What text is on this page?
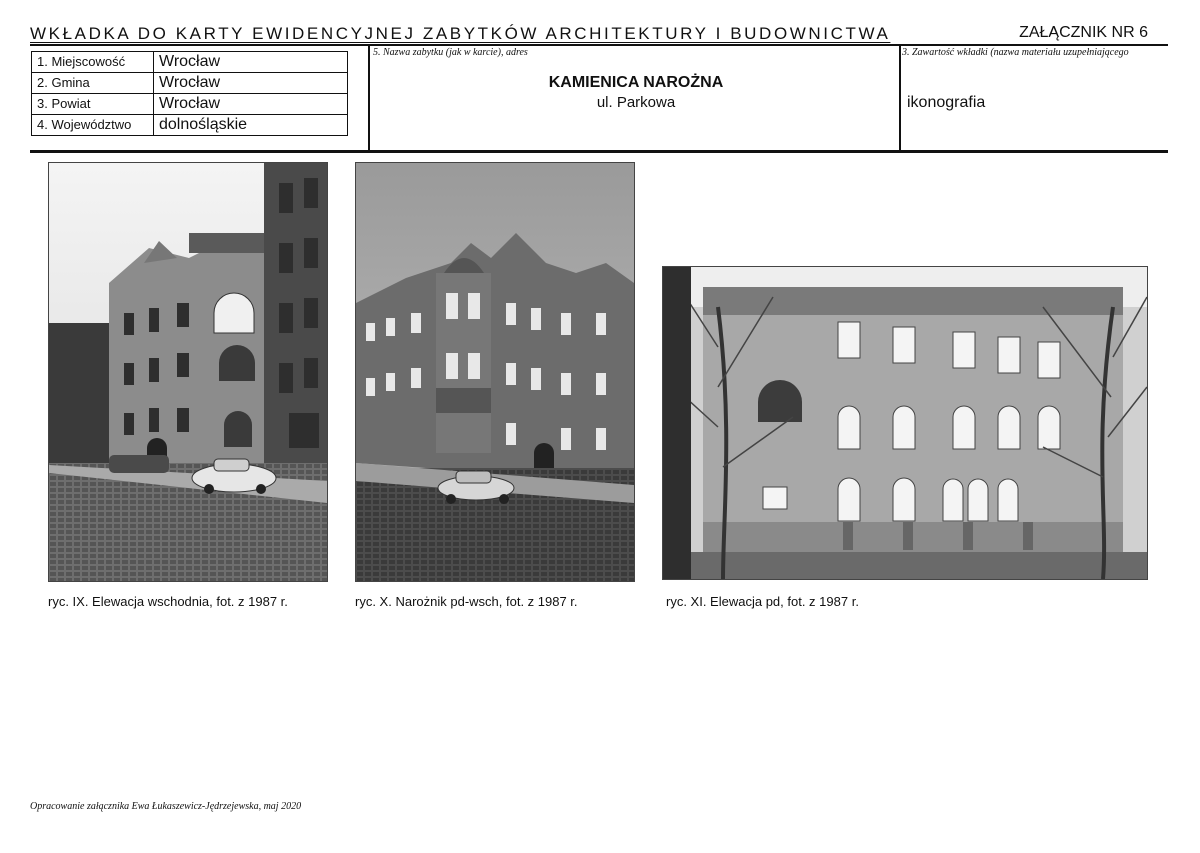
WKŁADKA DO KARTY EWIDENCYJNEJ ZABYTKÓW ARCHITEKTURY I BUDOWNICTWA	ZAŁĄCZNIK NR 6
1. Miejscowość	Wrocław
2. Gmina	Wrocław
3. Powiat	Wrocław
4. Województwo	dolnośląskie
5. Nazwa zabytku (jak w karcie), adres
KAMIENICA NAROŻNA
ul. Parkowa
3. Zawartość wkładki (nazwa materiału uzupełniającego
ikonografia
ryc. IX. Elewacja wschodnia, fot. z 1987 r.	ryc. X. Narożnik pd-wsch, fot. z 1987 r.	ryc. XI. Elewacja pd, fot. z 1987 r.
Opracowanie załącznika Ewa Łukaszewicz-Jędrzejewska, maj 2020
